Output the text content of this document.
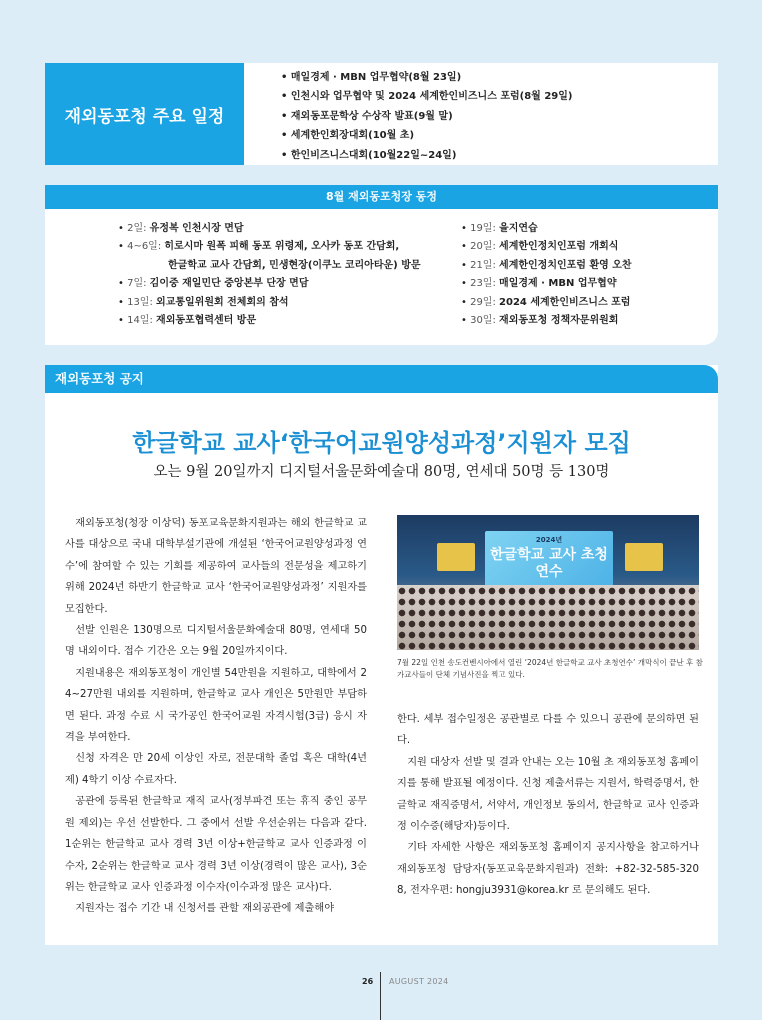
재외동포청 주요 일정
• 매일경제 · MBN 업무협약(8월 23일)
• 인천시와 업무협약 및 2024 세계한인비즈니스 포럼(8월 29일)
• 재외동포문학상 수상작 발표(9월 말)
• 세계한인회장대회(10월 초)
• 한인비즈니스대회(10월22일~24일)
8월 재외동포청장 동정
• 2일: 유정복 인천시장 면담
• 4~6일: 히로시마 원폭 피해 동포 위령제, 오사카 동포 간담회,
한글학교 교사 간담회, 민생현장(이쿠노 코리아타운) 방문
• 7일: 김이중 재일민단 중앙본부 단장 면담
• 13일: 외교통일위원회 전체회의 참석
• 14일: 재외동포협력센터 방문
• 19일: 을지연습
• 20일: 세계한인정치인포럼 개회식
• 21일: 세계한인정치인포럼 환영 오찬
• 23일: 매일경제 · MBN 업무협약
• 29일: 2024 세계한인비즈니스 포럼
• 30일: 재외동포청 정책자문위원회
재외동포청 공지
한글학교 교사‘한국어교원양성과정’지원자 모집
오는 9월 20일까지 디지털서울문화예술대 80명, 연세대 50명 등 130명

재외동포청(청장 이상덕) 동포교육문화지원과는 해외 한글학교 교사를 대상으로 국내 대학부설기관에 개설된 ‘한국어교원양성과정 연수’에 참여할 수 있는 기회를 제공하여 교사들의 전문성을 제고하기 위해 2024년 하반기 한글학교 교사 ‘한국어교원양성과정’ 지원자를 모집한다.

선발 인원은 130명으로 디지털서울문화예술대 80명, 연세대 50명 내외이다. 접수 기간은 오는 9월 20일까지이다.

지원내용은 재외동포청이 개인별 54만원을 지원하고, 대학에서 24~27만원 내외를 지원하며, 한글학교 교사 개인은 5만원만 부담하면 된다. 과정 수료 시 국가공인 한국어교원 자격시험(3급) 응시 자격을 부여한다.

신청 자격은 만 20세 이상인 자로, 전문대학 졸업 혹은 대학(4년제) 4학기 이상 수료자다.

공관에 등록된 한글학교 재직 교사(정부파견 또는 휴직 중인 공무원 제외)는 우선 선발한다. 그 중에서 선발 우선순위는 다음과 같다. 1순위는 한글학교 교사 경력 3년 이상+한글학교 교사 인증과정 이수자, 2순위는 한글학교 교사 경력 3년 이상(경력이 많은 교사), 3순위는 한글학교 교사 인증과정 이수자(이수과정 많은 교사)다.

지원자는 접수 기간 내 신청서를 관할 재외공관에 제출해야

2024년
한글학교 교사 초청연수
7월 22일 인천 송도컨벤시아에서 열린 ‘2024년 한글학교 교사 초청연수’ 개막식이 끝난 후 참가교사들이 단체 기념사진을 찍고 있다.

한다. 세부 접수일정은 공관별로 다를 수 있으니 공관에 문의하면 된다.

지원 대상자 선발 및 결과 안내는 오는 10월 초 재외동포청 홈페이지를 통해 발표될 예정이다. 신청 제출서류는 지원서, 학력증명서, 한글학교 재직증명서, 서약서, 개인정보 동의서, 한글학교 교사 인증과정 이수증(해당자)등이다.

기타 자세한 사항은 재외동포청 홈페이지 공지사항을 참고하거나 재외동포청 담당자(동포교육문화지원과) 전화: +82-32-585-3208, 전자우편: hongju3931@korea.kr 로 문의해도 된다.

26 AUGUST 2024
